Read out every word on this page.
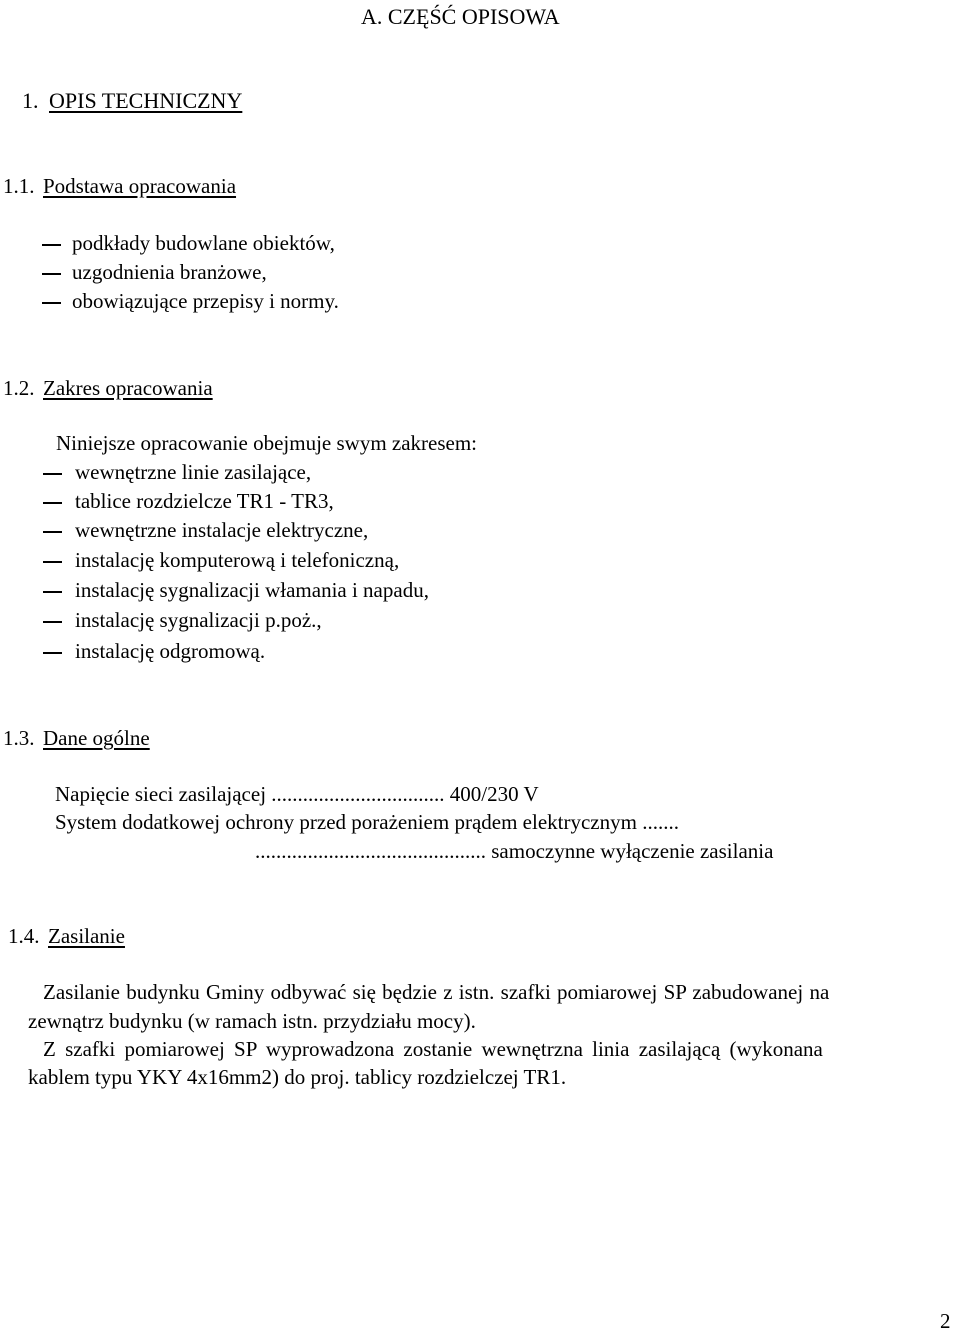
A. CZĘŚĆ OPISOWA
1. OPIS TECHNICZNY
1.1. Podstawa opracowania
podkłady budowlane obiektów,
uzgodnienia branżowe,
obowiązujące przepisy i normy.
1.2. Zakres opracowania
Niniejsze opracowanie obejmuje swym zakresem:
wewnętrzne linie zasilające,
tablice rozdzielcze TR1 - TR3,
wewnętrzne instalacje elektryczne,
instalację komputerową i telefoniczną,
instalację sygnalizacji włamania i napadu,
instalację sygnalizacji p.poż.,
instalację odgromową.
1.3. Dane ogólne
Napięcie sieci zasilającej ................................. 400/230 V
System dodatkowej ochrony przed porażeniem prądem elektrycznym .......
............................................ samoczynne wyłączenie zasilania
1.4. Zasilanie
Zasilanie budynku Gminy odbywać się będzie z istn. szafki pomiarowej SP zabudowanej na
zewnątrz budynku (w ramach istn. przydziału mocy).
Z szafki pomiarowej SP wyprowadzona zostanie wewnętrzna linia zasilającą (wykonana
kablem typu YKY 4x16mm2) do proj. tablicy rozdzielczej TR1.
2
